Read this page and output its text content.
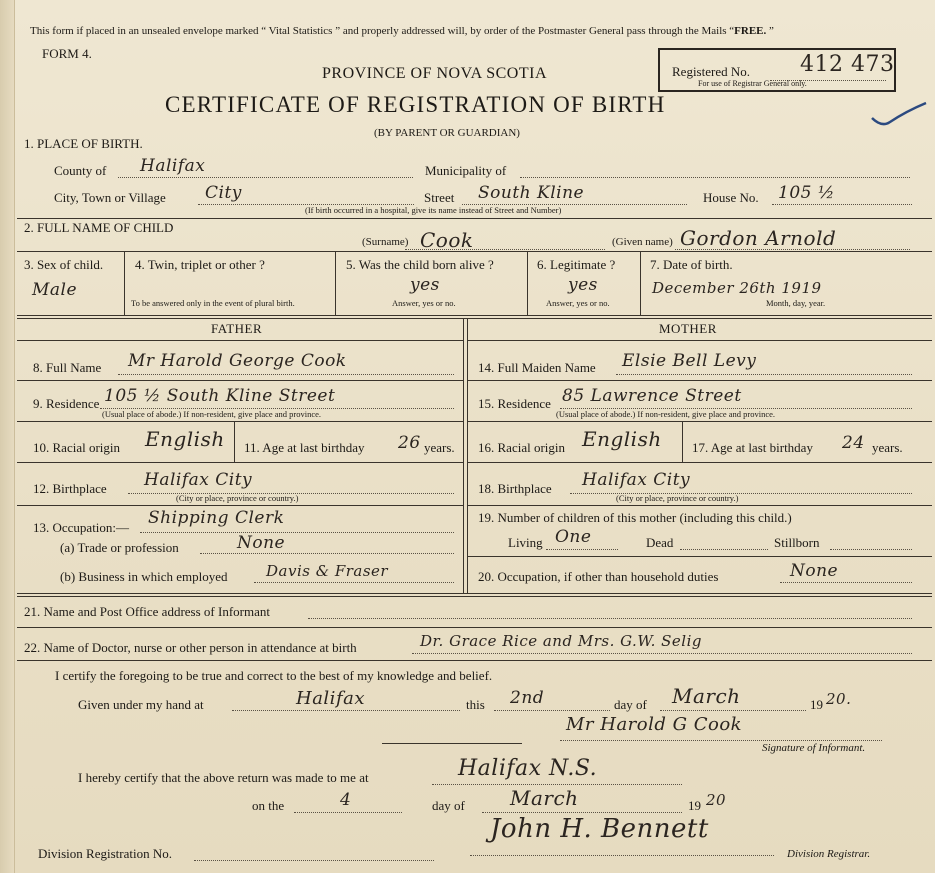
This form if placed in an unsealed envelope marked “ Vital Statistics ” and properly addressed will, by order of the Postmaster General pass through the Mails “FREE. ”
FORM 4.
PROVINCE OF NOVA SCOTIA
CERTIFICATE OF REGISTRATION OF BIRTH
(BY PARENT OR GUARDIAN)
Registered No. 412 473
For use of Registrar General only.
1. PLACE OF BIRTH.
County of Halifax	Municipality of
City, Town or Village City	Street South Kline	House No. 105 ½
(If birth occurred in a hospital, give its name instead of Street and Number)
2. FULL NAME OF CHILD
(Surname) Cook	(Given name) Gordon Arnold
3. Sex of child.
Male
4. Twin, triplet or other ?
To be answered only in the event of plural birth.
5. Was the child born alive ?
yes
Answer, yes or no.
6. Legitimate ?
yes
Answer, yes or no.
7. Date of birth.
December 26th 1919
Month, day, year.
FATHER	MOTHER
8. Full Name Mr Harold George Cook
9. Residence 105 ½ South Kline Street
(Usual place of abode.) If non-resident, give place and province.
10. Racial origin English 11. Age at last birthday 26 years.
12. Birthplace Halifax City
(City or place, province or country.)
13. Occupation:— Shipping Clerk
(a) Trade or profession	None
(b) Business in which employed	Davis & Fraser
14. Full Maiden Name Elsie Bell Levy
15. Residence 85 Lawrence Street
(Usual place of abode.) If non-resident, give place and province.
16. Racial origin English 17. Age at last birthday 24 years.
18. Birthplace Halifax City
(City or place, province or country.)
19. Number of children of this mother (including this child.)
Living One	Dead	Stillborn
20. Occupation, if other than household duties	None
21. Name and Post Office address of Informant
22. Name of Doctor, nurse or other person in attendance at birth	Dr. Grace Rice and Mrs. G.W. Selig
I certify the foregoing to be true and correct to the best of my knowledge and belief.
Given under my hand at	Halifax	this 2nd	day of March	19 20.
Mr Harold G Cook
Signature of Informant.
I hereby certify that the above return was made to me at	Halifax N.S.
on the	4	day of March	19 20
Division Registration No.
John H. Bennett
Division Registrar.
